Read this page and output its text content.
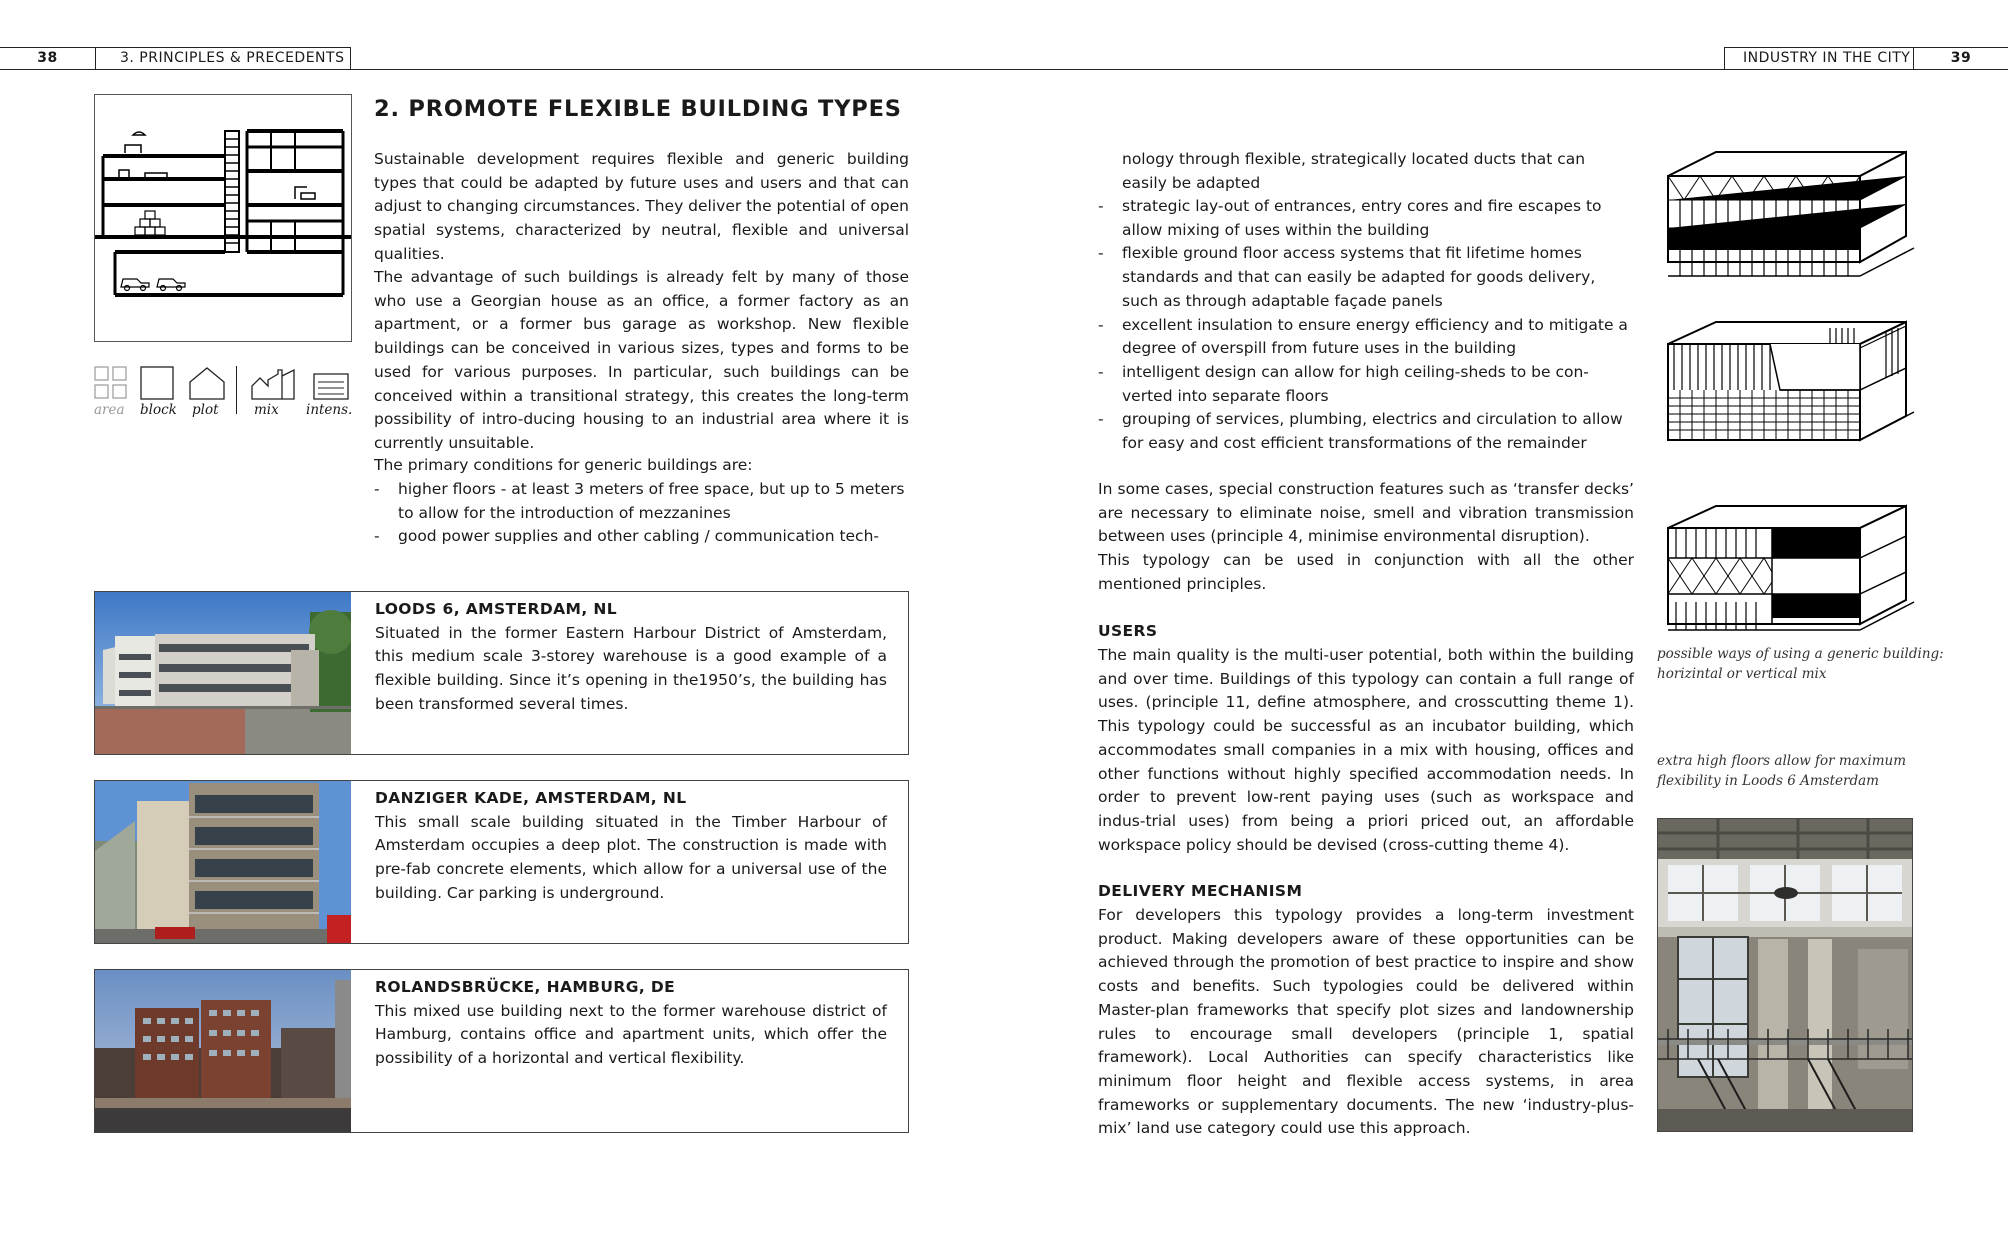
38	3. PRINCIPLES & PRECEDENTS	INDUSTRY IN THE CITY	39
area block plot	mix intens.
2. PROMOTE FLEXIBLE BUILDING TYPES
Sustainable development requires flexible and generic building types that could be adapted by future uses and users and that can adjust to changing circumstances. They deliver the potential of open spatial systems, characterized by neutral, flexible and universal qualities.
The advantage of such buildings is already felt by many of those who use a Georgian house as an office, a former factory as an apartment, or a former bus garage as workshop. New flexible buildings can be conceived in various sizes, types and forms to be used for various purposes. In particular, such buildings can be conceived within a transitional strategy, this creates the long-term possibility of intro-ducing housing to an industrial area where it is currently unsuitable.
The primary conditions for generic buildings are:
- higher floors - at least 3 meters of free space, but up to 5 meters to allow for the introduction of mezzanines
- good power supplies and other cabling / communication tech-
LOODS 6, AMSTERDAM, NL
Situated in the former Eastern Harbour District of Amsterdam, this medium scale 3-storey warehouse is a good example of a flexible building. Since it’s opening in the1950’s, the building has been transformed several times.
DANZIGER KADE, AMSTERDAM, NL
This small scale building situated in the Timber Harbour of Amsterdam occupies a deep plot. The construction is made with pre-fab concrete elements, which allow for a universal use of the building. Car parking is underground.
ROLANDSBRÜCKE, HAMBURG, DE
This mixed use building next to the former warehouse district of Hamburg, contains office and apartment units, which offer the possibility of a horizontal and vertical flexibility.
nology through flexible, strategically located ducts that can easily be adapted
- strategic lay-out of entrances, entry cores and fire escapes to allow mixing of uses within the building
- flexible ground floor access systems that fit lifetime homes standards and that can easily be adapted for goods delivery, such as through adaptable façade panels
- excellent insulation to ensure energy efficiency and to mitigate a degree of overspill from future uses in the building
- intelligent design can allow for high ceiling-sheds to be con-verted into separate floors
- grouping of services, plumbing, electrics and circulation to allow for easy and cost efficient transformations of the remainder
In some cases, special construction features such as ‘transfer decks’ are necessary to eliminate noise, smell and vibration transmission between uses (principle 4, minimise environmental disruption).
This typology can be used in conjunction with all the other mentioned principles.
USERS
The main quality is the multi-user potential, both within the building and over time. Buildings of this typology can contain a full range of uses. (principle 11, define atmosphere, and crosscutting theme 1). This typology could be successful as an incubator building, which accommodates small companies in a mix with housing, offices and other functions without highly specified accommodation needs. In order to prevent low-rent paying uses (such as workspace and indus-trial uses) from being a priori priced out, an affordable workspace policy should be devised (cross-cutting theme 4).
DELIVERY MECHANISM
For developers this typology provides a long-term investment product. Making developers aware of these opportunities can be achieved through the promotion of best practice to inspire and show costs and benefits. Such typologies could be delivered within Master-plan frameworks that specify plot sizes and landownership rules to encourage small developers (principle 1, spatial framework). Local Authorities can specify characteristics like minimum floor height and flexible access systems, in area frameworks or supplementary documents. The new ‘industry-plus-mix’ land use category could use this approach.
possible ways of using a generic building: horizintal or vertical mix
extra high floors allow for maximum flexibility in Loods 6 Amsterdam
